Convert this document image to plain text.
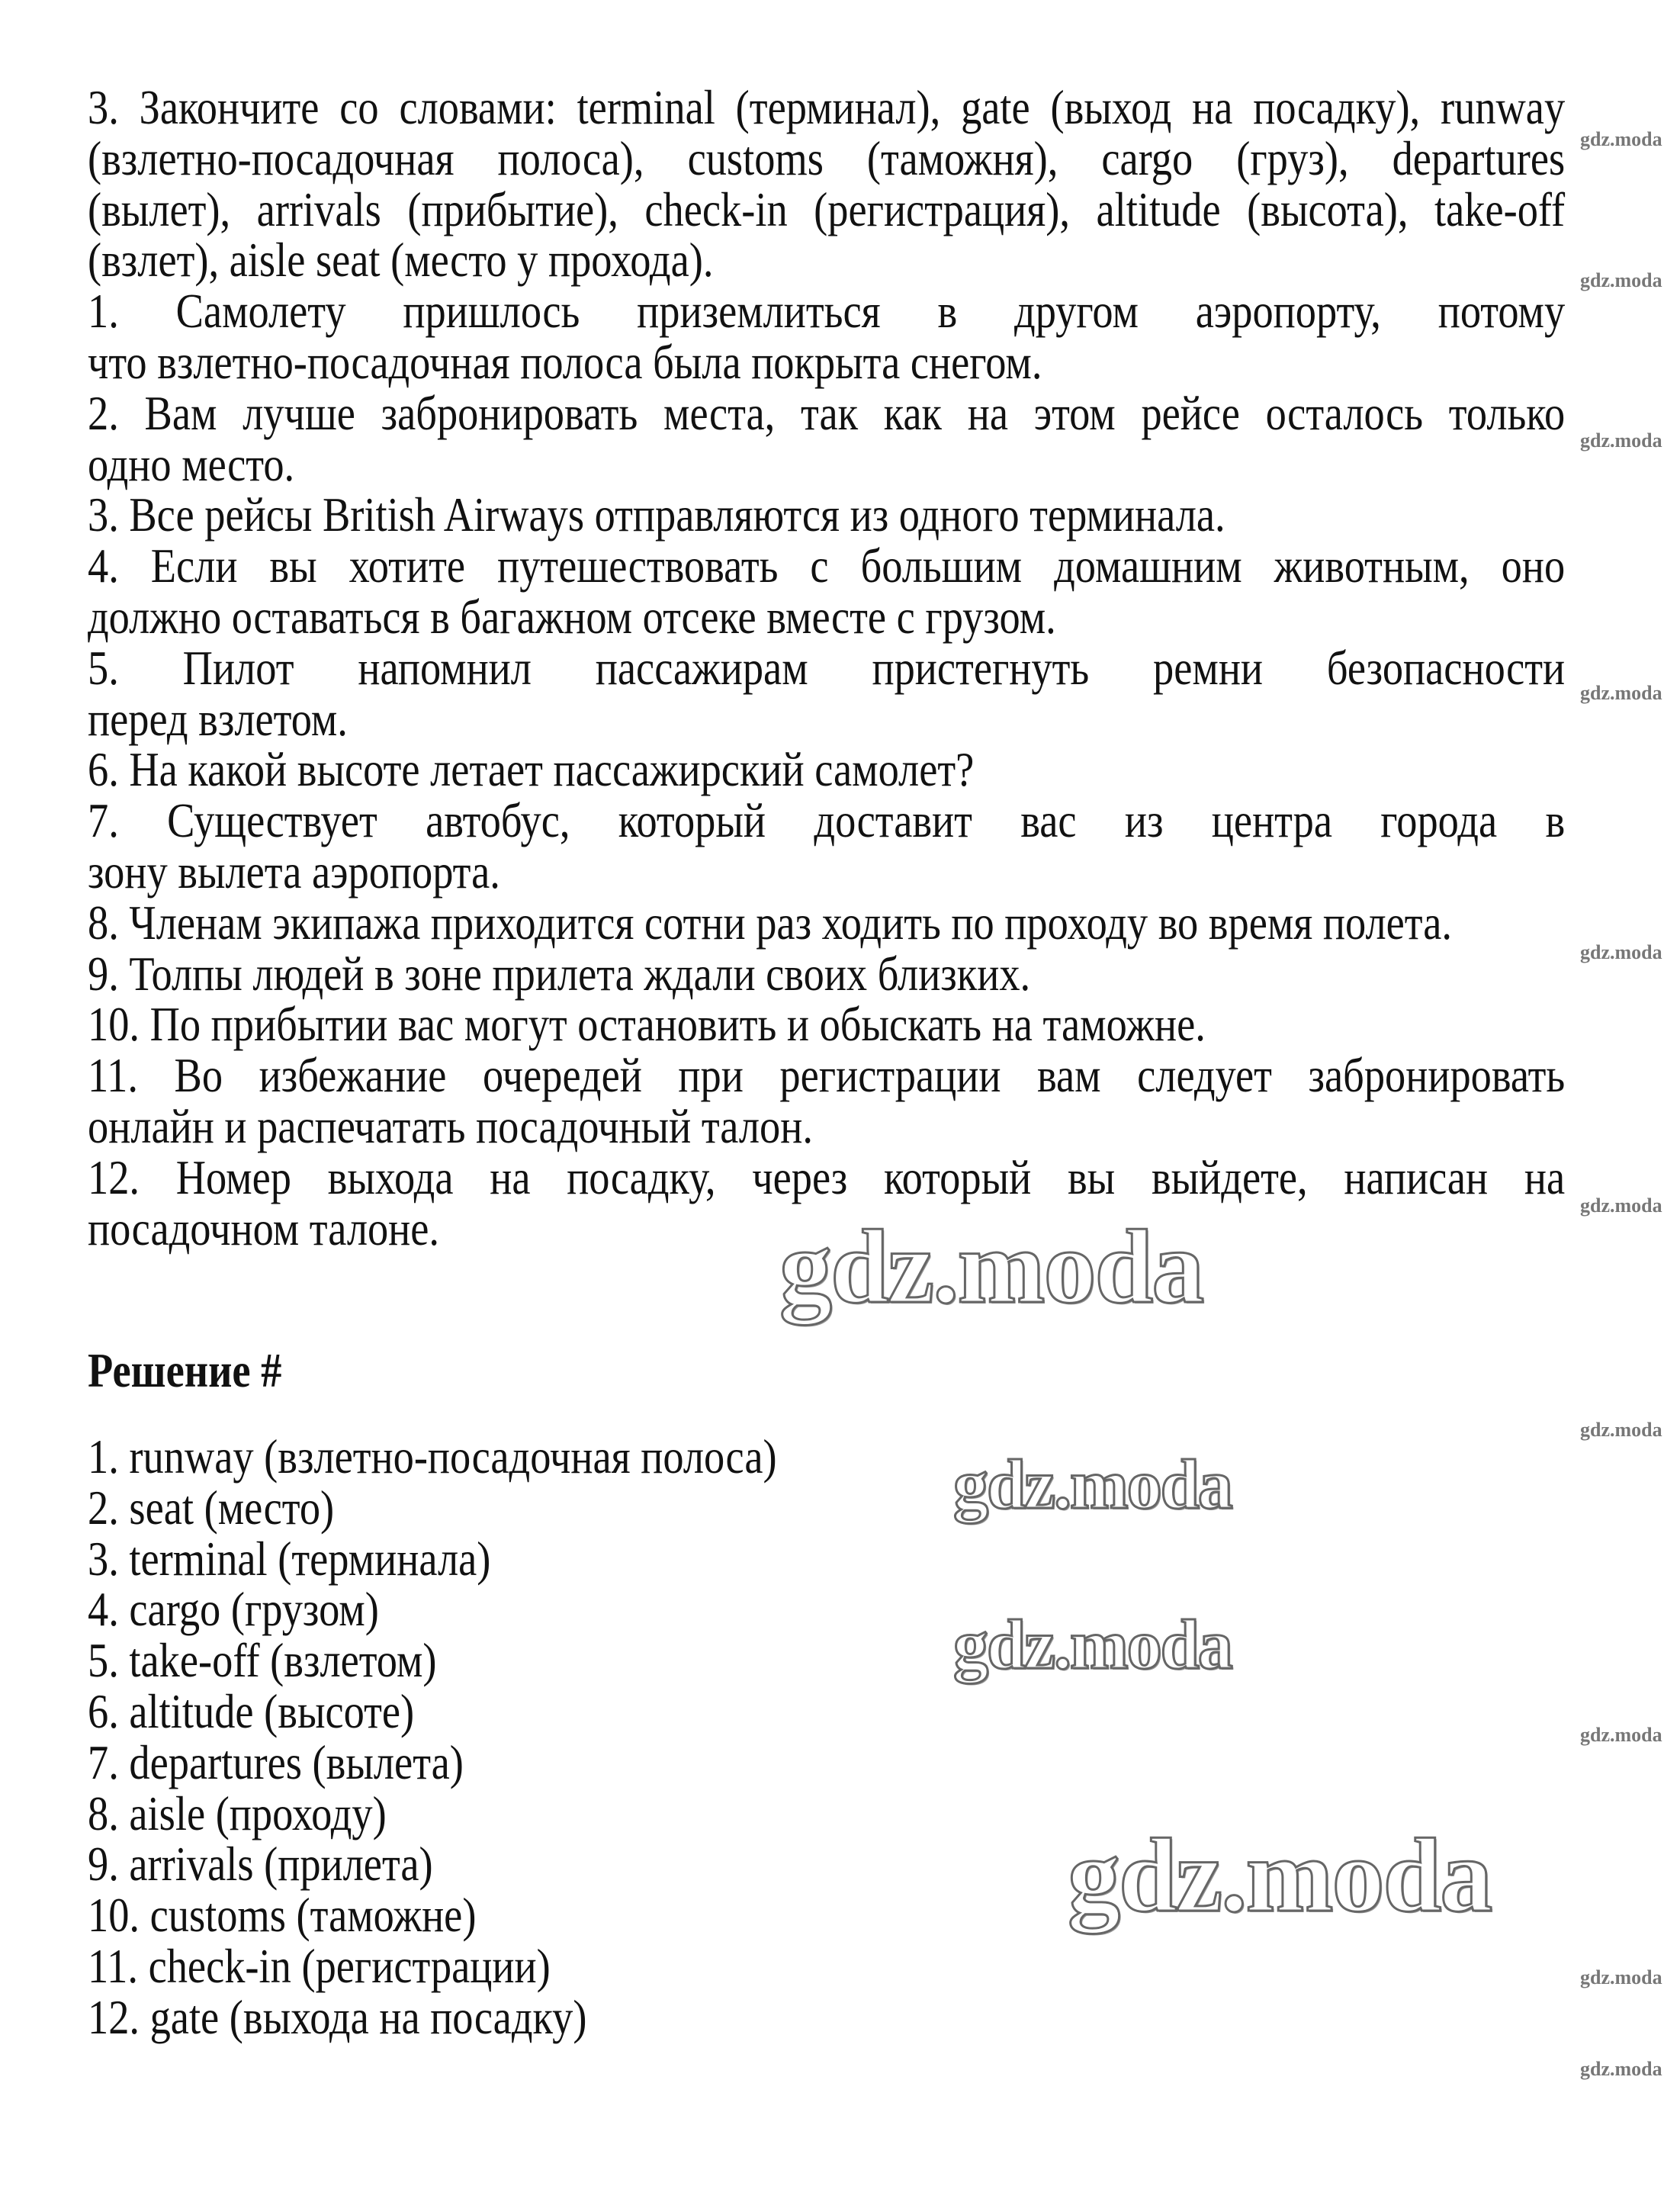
3. Закончите со словами: terminal (терминал), gate (выход на посадку), runway
(взлетно-посадочная полоса), customs (таможня), cargo (груз), departures
(вылет), arrivals (прибытие), check-in (регистрация), altitude (высота), take-off
(взлет), aisle seat (место у прохода).
1. Самолету пришлось приземлиться в другом аэропорту, потому
что взлетно-посадочная полоса была покрыта снегом.
2. Вам лучше забронировать места, так как на этом рейсе осталось только
одно место.
3. Все рейсы British Airways отправляются из одного терминала.
4. Если вы хотите путешествовать с большим домашним животным, оно
должно оставаться в багажном отсеке вместе с грузом.
5. Пилот напомнил пассажирам пристегнуть ремни безопасности
перед взлетом.
6. На какой высоте летает пассажирский самолет?
7. Существует автобус, который доставит вас из центра города в
зону вылета аэропорта.
8. Членам экипажа приходится сотни раз ходить по проходу во время полета.
9. Толпы людей в зоне прилета ждали своих близких.
10. По прибытии вас могут остановить и обыскать на таможне.
11. Во избежание очередей при регистрации вам следует забронировать
онлайн и распечатать посадочный талон.
12. Номер выхода на посадку, через который вы выйдете, написан на
посадочном талоне.
Решение #
1. runway (взлетно-посадочная полоса)
2. seat (место)
3. terminal (терминала)
4. cargo (грузом)
5. take-off (взлетом)
6. altitude (высоте)
7. departures (вылета)
8. aisle (проходу)
9. arrivals (прилета)
10. customs (таможне)
11. check-in (регистрации)
12. gate (выхода на посадку)
gdz.moda
gdz.moda
gdz.moda
gdz.moda
gdz.moda
gdz.moda
gdz.moda
gdz.moda
gdz.moda
gdz.moda
gdz.moda
gdz.moda
gdz.moda
gdz.moda
